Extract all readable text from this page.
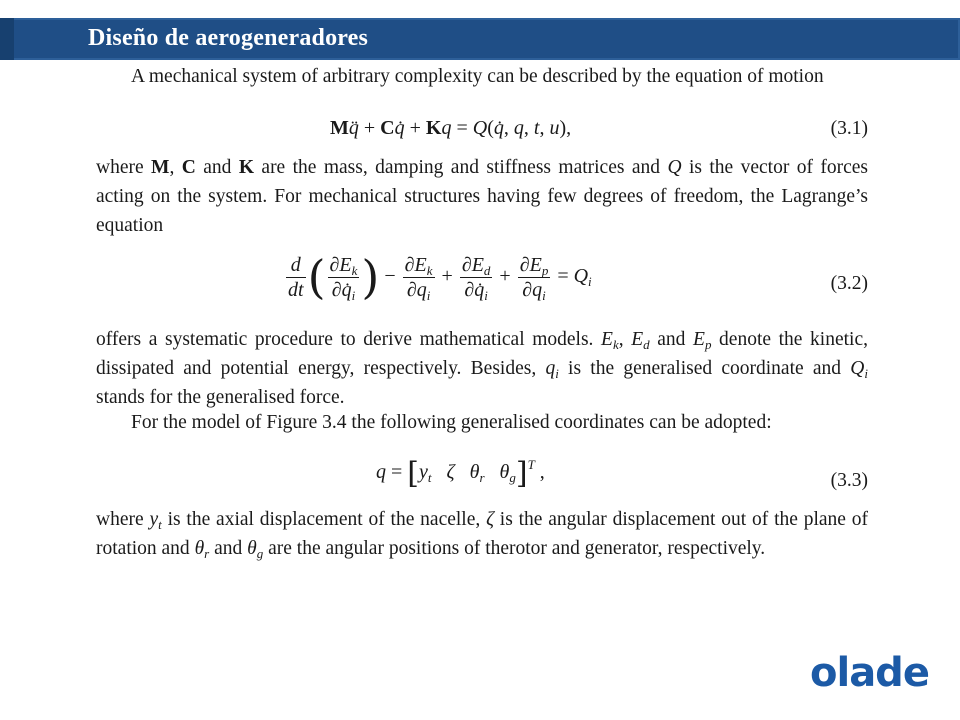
Diseño de aerogeneradores
A mechanical system of arbitrary complexity can be described by the equation of motion
Mq̈ + Cq̇ + Kq = Q(q̇, q, t, u),	(3.1)
where M, C and K are the mass, damping and stiffness matrices and Q is the vector of forces acting on the system. For mechanical structures having few degrees of freedom, the Lagrange’s equation
$\frac{d}{dt}$ ( $\frac{\partial E_k}{\partial q̇_i}$ ) − $\frac{\partial E_k}{\partial q_i} + \frac{\partial E_d}{\partial q̇_i} + \frac{\partial E_p}{\partial q_i} = Q_i$	(3.2)
offers a systematic procedure to derive mathematical models. $E_k$, $E_d$ and $E_p$ denote the kinetic, dissipated and potential energy, respectively. Besides, $q_i$ is the generalised coordinate and $Q_i$ stands for the generalised force.
For the model of Figure 3.4 the following generalised coordinates can be adopted:
$q = [y_t$ ζ $\theta_r$ $\theta_g]^T$ ,	(3.3)
where $y_t$ is the axial displacement of the nacelle, ζ is the angular displacement out of the plane of rotation and $\theta_r$ and $\theta_g$ are the angular positions of the rotor and generator, respectively.
olade
